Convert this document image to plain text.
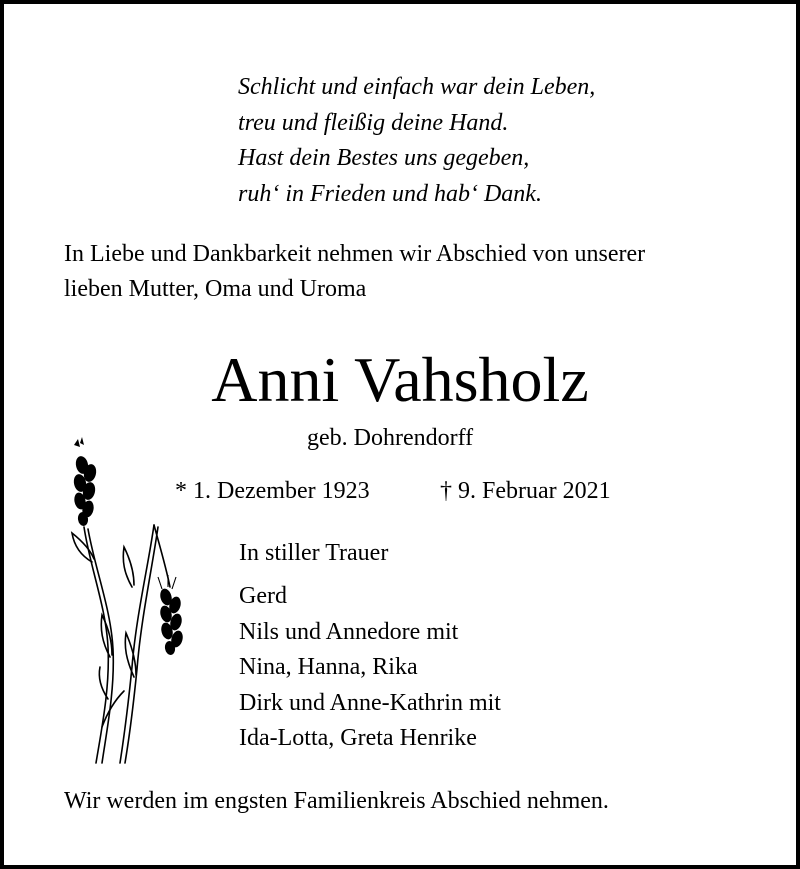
Schlicht und einfach war dein Leben,
treu und fleißig deine Hand.
Hast dein Bestes uns gegeben,
ruh‘ in Frieden und hab‘ Dank.
In Liebe und Dankbarkeit nehmen wir Abschied von unserer
lieben Mutter, Oma und Uroma
Anni Vahsholz
geb. Dohrendorff
* 1. Dezember 1923	† 9. Februar 2021
In stiller Trauer
Gerd
Nils und Annedore mit
Nina, Hanna, Rika
Dirk und Anne-Kathrin mit
Ida-Lotta, Greta Henrike
Wir werden im engsten Familienkreis Abschied nehmen.
